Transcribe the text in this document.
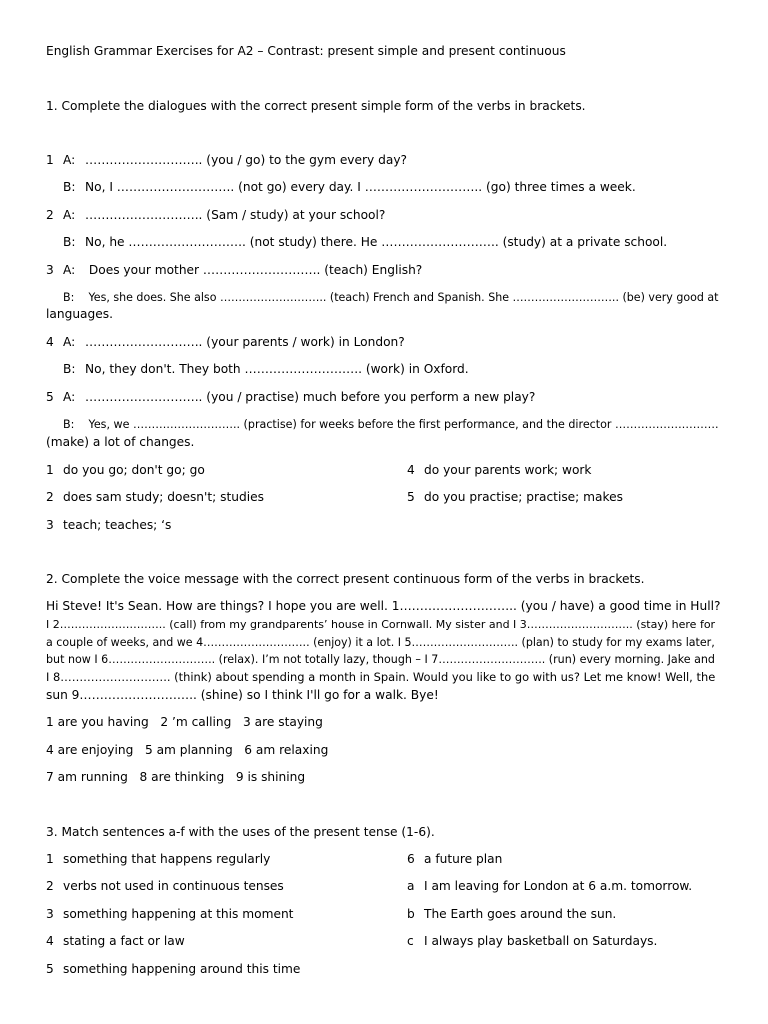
English Grammar Exercises for A2 – Contrast: present simple and present continuous

1. Complete the dialogues with the correct present simple form of the verbs in brackets.

1 A: ……………………….. (you / go) to the gym every day?

B: No, I ……………………….. (not go) every day. I ……………………….. (go) three times a week.

2 A: ……………………….. (Sam / study) at your school?

B: No, he ……………………….. (not study) there. He ……………………….. (study) at a private school.

3 A: Does your mother ……………………….. (teach) English?

B: Yes, she does. She also ……………………….. (teach) French and Spanish. She ……………………….. (be) very good at

languages.

4 A: ……………………….. (your parents / work) in London?

B: No, they don't. They both ……………………….. (work) in Oxford.

5 A: ……………………….. (you / practise) much before you perform a new play?

B: Yes, we ……………………….. (practise) for weeks before the first performance, and the director ……………………….

(make) a lot of changes.

1 do you go; don't go; go

2 does sam study; doesn't; studies

3 teach; teaches; ‘s

4 do your parents work; work

5 do you practise; practise; makes

2. Complete the voice message with the correct present continuous form of the verbs in brackets.

Hi Steve! It's Sean. How are things? I hope you are well. 1……………………….. (you / have) a good time in Hull?

I 2……………………….. (call) from my grandparents’ house in Cornwall. My sister and I 3……………………….. (stay) here for

a couple of weeks, and we 4……………………….. (enjoy) it a lot. I 5……………………….. (plan) to study for my exams later,

but now I 6……………………….. (relax). I’m not totally lazy, though – I 7……………………….. (run) every morning. Jake and

I 8……………………….. (think) about spending a month in Spain. Would you like to go with us? Let me know! Well, the

sun 9……………………….. (shine) so I think I'll go for a walk. Bye!

1 are you having   2 ’m calling   3 are staying

4 are enjoying   5 am planning   6 am relaxing

7 am running   8 are thinking   9 is shining

3. Match sentences a-f with the uses of the present tense (1-6).

1 something that happens regularly

2 verbs not used in continuous tenses

3 something happening at this moment

4 stating a fact or law

5 something happening around this time

6 a future plan

a I am leaving for London at 6 a.m. tomorrow.

b The Earth goes around the sun.

c I always play basketball on Saturdays.
